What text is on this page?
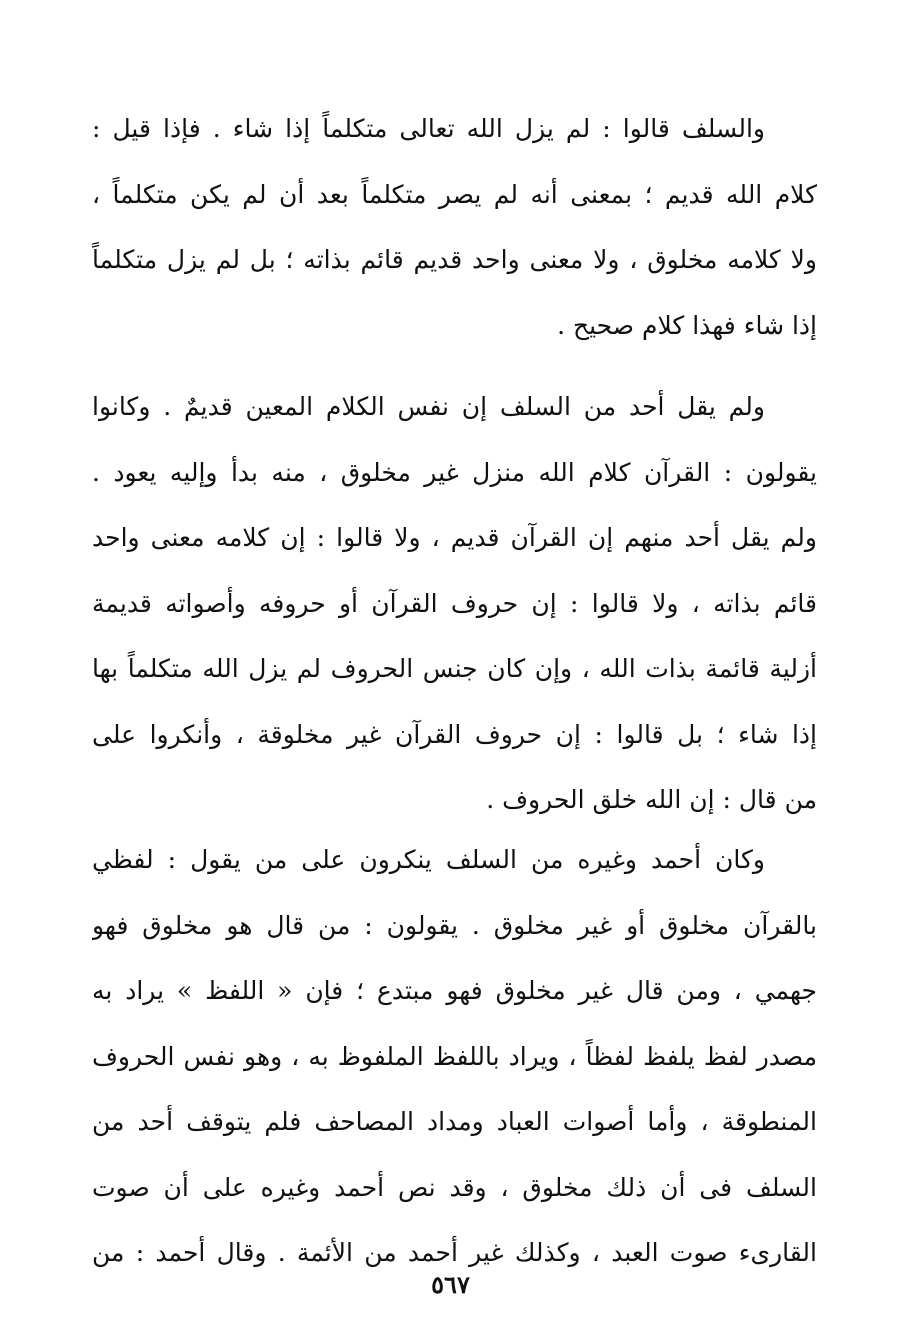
والسلف قالوا : لم يزل الله تعالى متكلماً إذا شاء . فإذا قيل :
كلام الله قديم ؛ بمعنى أنه لم يصر متكلماً بعد أن لم يكن متكلماً ،
ولا كلامه مخلوق ، ولا معنى واحد قديم قائم بذاته ؛ بل لم يزل متكلماً
إذا شاء فهذا كلام صحيح .
ولم يقل أحد من السلف إن نفس الكلام المعين قديمٌ . وكانوا
يقولون : القرآن كلام الله منزل غير مخلوق ، منه بدأ وإليه يعود .
ولم يقل أحد منهم إن القرآن قديم ، ولا قالوا : إن كلامه معنى واحد
قائم بذاته ، ولا قالوا : إن حروف القرآن أو حروفه وأصواته قديمة
أزلية قائمة بذات الله ، وإن كان جنس الحروف لم يزل الله متكلماً بها
إذا شاء ؛ بل قالوا : إن حروف القرآن غير مخلوقة ، وأنكروا على
من قال : إن الله خلق الحروف .
وكان أحمد وغيره من السلف ينكرون على من يقول : لفظي
بالقرآن مخلوق أو غير مخلوق . يقولون : من قال هو مخلوق فهو
جهمي ، ومن قال غير مخلوق فهو مبتدع ؛ فإن « اللفظ » يراد به
مصدر لفظ يلفظ لفظاً ، ويراد باللفظ الملفوظ به ، وهو نفس الحروف
المنطوقة ، وأما أصوات العباد ومداد المصاحف فلم يتوقف أحد من
السلف فى أن ذلك مخلوق ، وقد نص أحمد وغيره على أن صوت
القارىء صوت العبد ، وكذلك غير أحمد من الأئمة . وقال أحمد : من
٥٦٧
